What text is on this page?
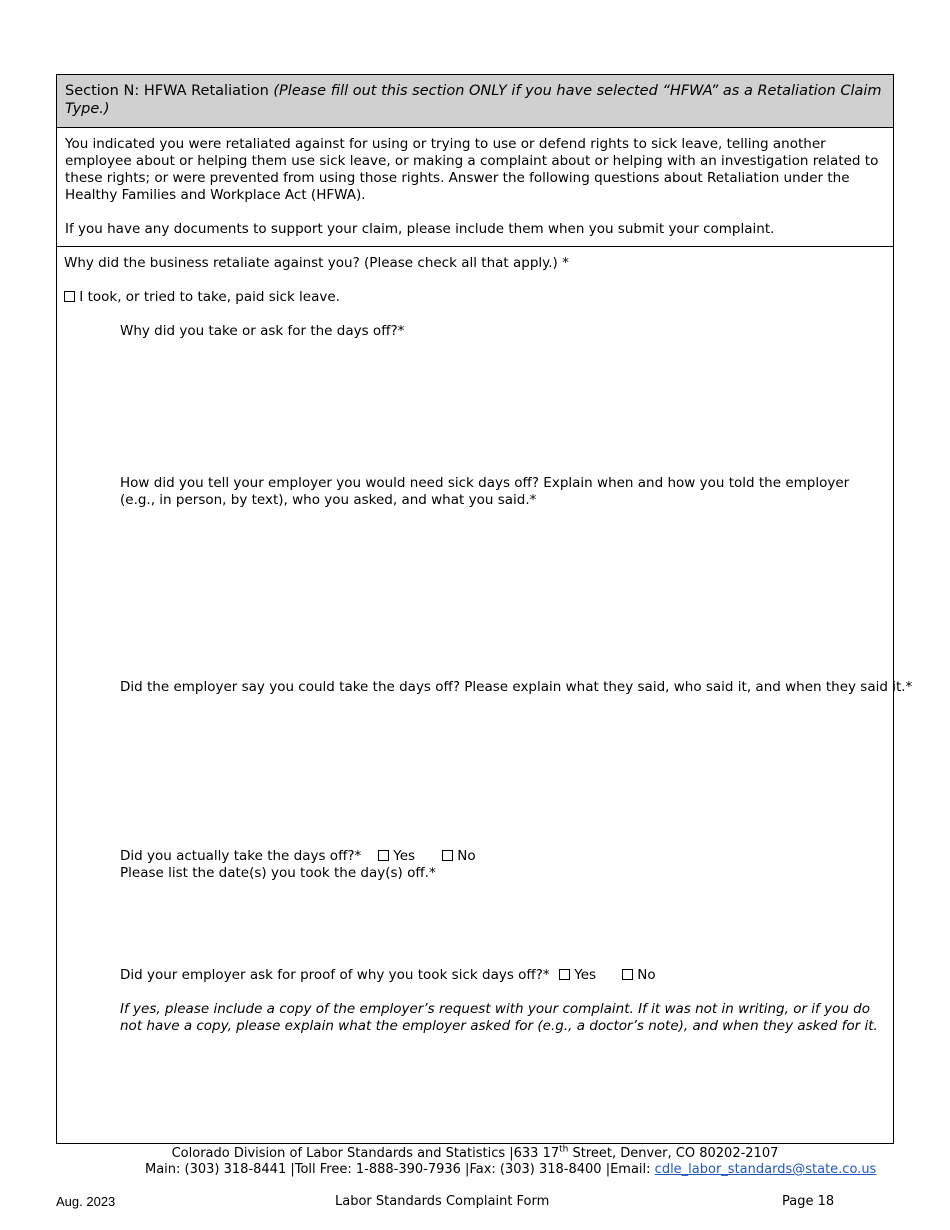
Section N: HFWA Retaliation (Please fill out this section ONLY if you have selected “HFWA” as a Retaliation Claim Type.)

You indicated you were retaliated against for using or trying to use or defend rights to sick leave, telling another employee about or helping them use sick leave, or making a complaint about or helping with an investigation related to these rights; or were prevented from using those rights. Answer the following questions about Retaliation under the Healthy Families and Workplace Act (HFWA).

If you have any documents to support your claim, please include them when you submit your complaint.

Why did the business retaliate against you? (Please check all that apply.) *
I took, or tried to take, paid sick leave.
Why did you take or ask for the days off?*
How did you tell your employer you would need sick days off? Explain when and how you told the employer (e.g., in person, by text), who you asked, and what you said.*
Did the employer say you could take the days off? Please explain what they said, who said it, and when they said it.*
Did you actually take the days off?*	Yes	No
Please list the date(s) you took the day(s) off.*
Did your employer ask for proof of why you took sick days off?*	Yes	No
If yes, please include a copy of the employer’s request with your complaint. If it was not in writing, or if you do not have a copy, please explain what the employer asked for (e.g., a doctor’s note), and when they asked for it.
Colorado Division of Labor Standards and Statistics |633 17th Street, Denver, CO 80202-2107
Main: (303) 318-8441 |Toll Free: 1-888-390-7936 |Fax: (303) 318-8400 |Email: cdle_labor_standards@state.co.us
Aug. 2023	Labor Standards Complaint Form	Page 18
